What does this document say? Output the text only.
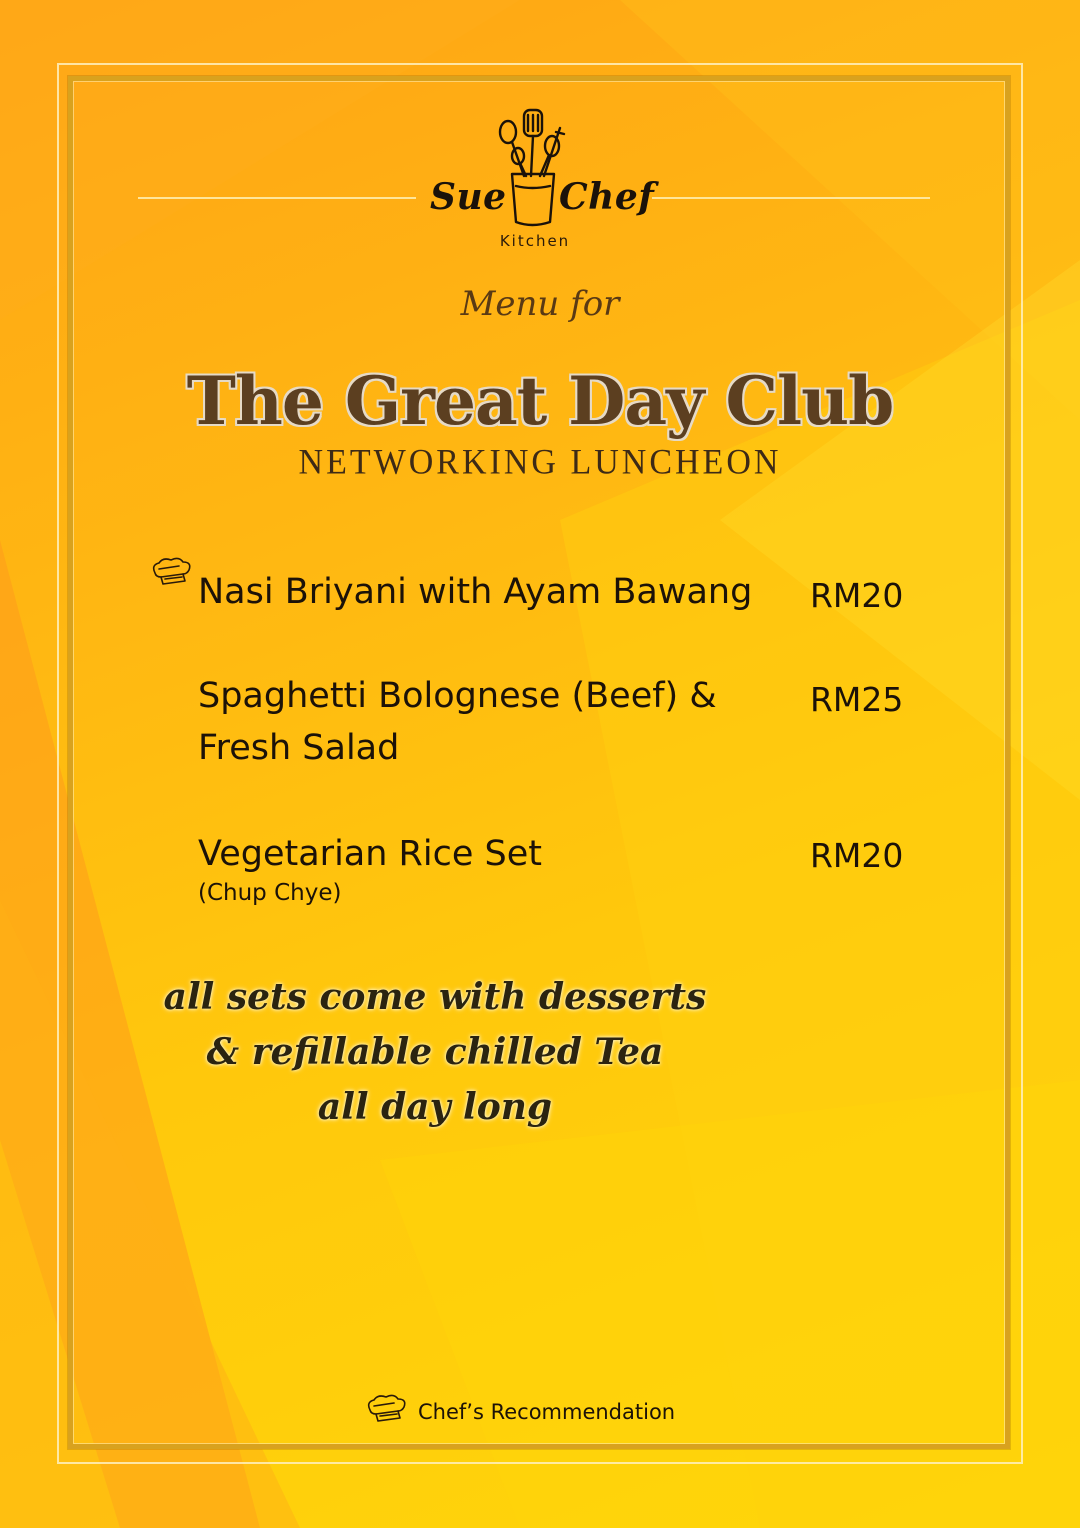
Sue Chef
Kitchen
Menu for
The Great Day Club
NETWORKING LUNCHEON
Nasi Briyani with Ayam Bawang	RM20
Spaghetti Bolognese (Beef) &
Fresh Salad
RM25
Vegetarian Rice Set	RM20
(Chup Chye)
all sets come with desserts
& refillable chilled Tea
all day long
Chef’s Recommendation
